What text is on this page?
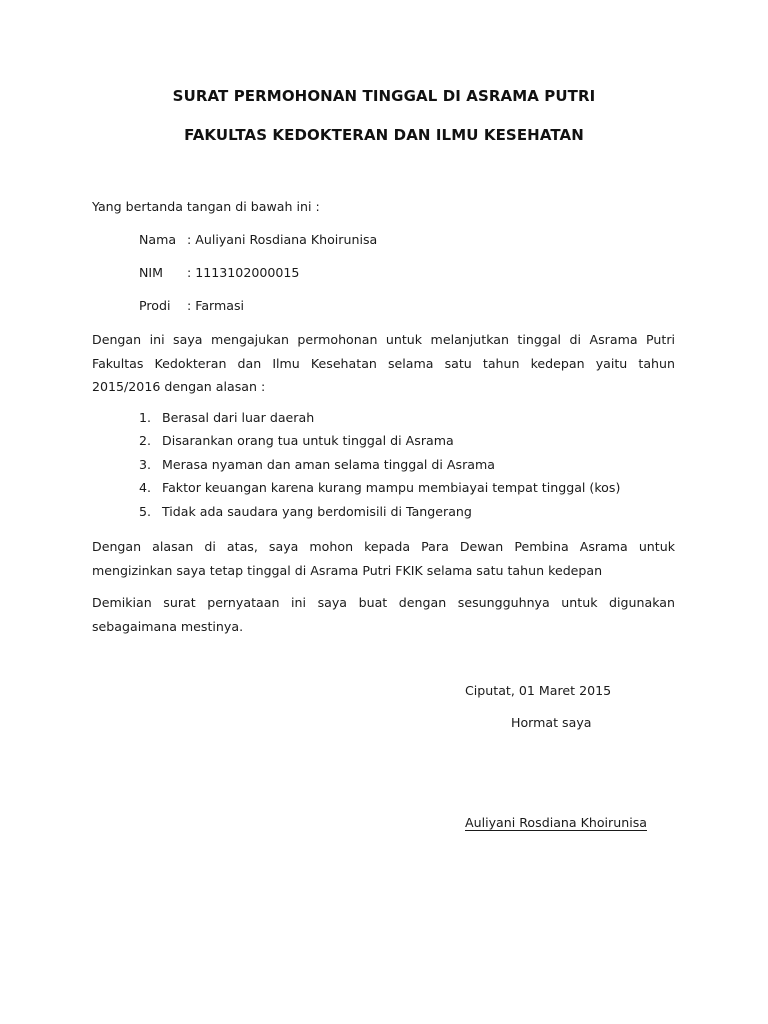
SURAT PERMOHONAN TINGGAL DI ASRAMA PUTRI
FAKULTAS KEDOKTERAN DAN ILMU KESEHATAN
Yang bertanda tangan di bawah ini :
Nama : Auliyani Rosdiana Khoirunisa
NIM : 1113102000015
Prodi : Farmasi
Dengan ini saya mengajukan permohonan untuk melanjutkan tinggal di Asrama Putri Fakultas Kedokteran dan Ilmu Kesehatan selama satu tahun kedepan yaitu tahun 2015/2016 dengan alasan :
1. Berasal dari luar daerah
2. Disarankan orang tua untuk tinggal di Asrama
3. Merasa nyaman dan aman selama tinggal di Asrama
4. Faktor keuangan karena kurang mampu membiayai tempat tinggal (kos)
5. Tidak ada saudara yang berdomisili di Tangerang
Dengan alasan di atas, saya mohon kepada Para Dewan Pembina Asrama untuk mengizinkan saya tetap tinggal di Asrama Putri FKIK selama satu tahun kedepan
Demikian surat pernyataan ini saya buat dengan sesungguhnya untuk digunakan sebagaimana mestinya.
Ciputat, 01 Maret 2015
Hormat saya
Auliyani Rosdiana Khoirunisa
